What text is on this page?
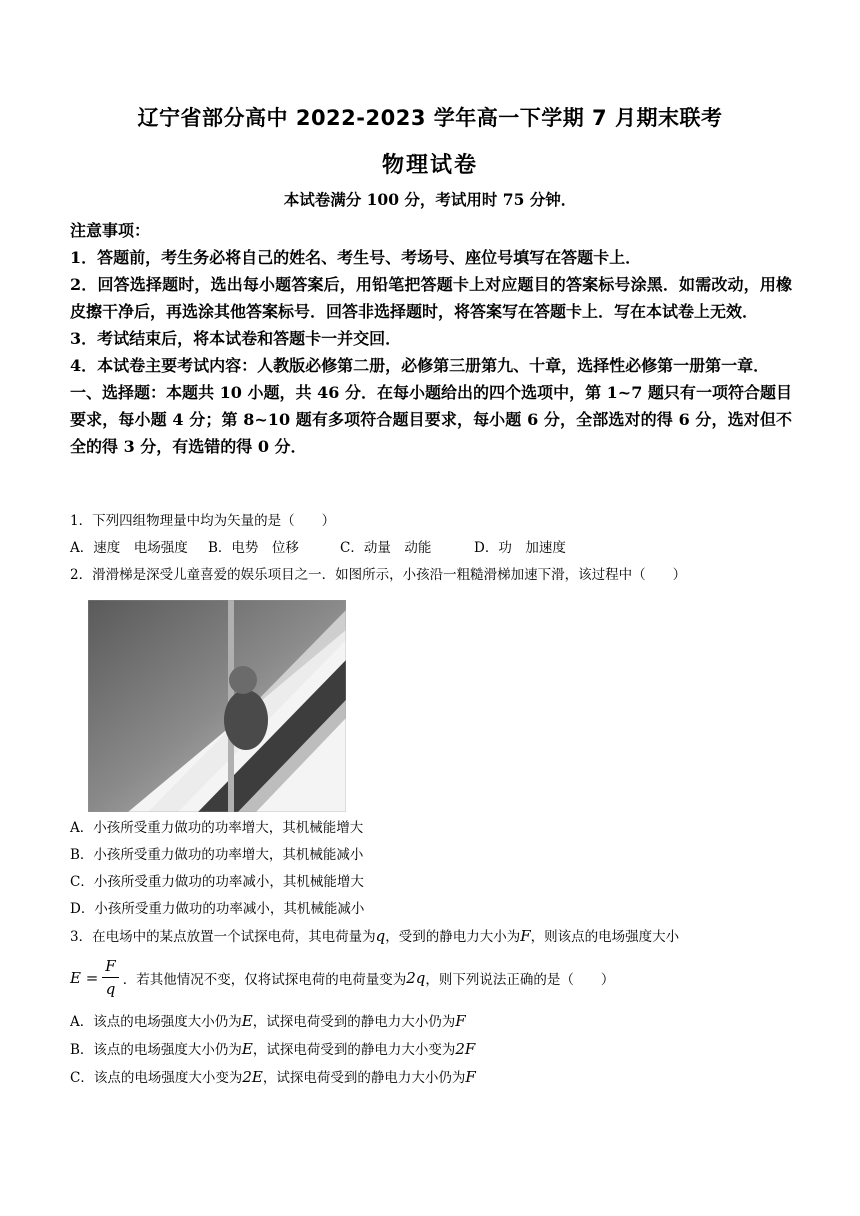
辽宁省部分高中 2022-2023 学年高一下学期 7 月期末联考
物理试卷
本试卷满分 100 分，考试用时 75 分钟．

注意事项：

1．答题前，考生务必将自己的姓名、考生号、考场号、座位号填写在答题卡上．

2．回答选择题时，选出每小题答案后，用铅笔把答题卡上对应题目的答案标号涂黑．如需改动，用橡皮擦干净后，再选涂其他答案标号．回答非选择题时，将答案写在答题卡上．写在本试卷上无效．

3．考试结束后，将本试卷和答题卡一并交回．

4．本试卷主要考试内容：人教版必修第二册，必修第三册第九、十章，选择性必修第一册第一章．

一、选择题：本题共 10 小题，共 46 分．在每小题给出的四个选项中，第 1~7 题只有一项符合题目要求，每小题 4 分；第 8~10 题有多项符合题目要求，每小题 6 分，全部选对的得 6 分，选对但不全的得 3 分，有选错的得 0 分．

1．下列四组物理量中均为矢量的是（　　）

A．速度　电场强度 B．电势　位移	C．动量　动能	D．功　加速度

2．滑滑梯是深受儿童喜爱的娱乐项目之一．如图所示，小孩沿一粗糙滑梯加速下滑，该过程中（　　）

A．小孩所受重力做功的功率增大，其机械能增大

B．小孩所受重力做功的功率增大，其机械能减小

C．小孩所受重力做功的功率减小，其机械能增大

D．小孩所受重力做功的功率减小，其机械能减小

3．在电场中的某点放置一个试探电荷，其电荷量为q，受到的静电力大小为F，则该点的电场强度大小

$E = \frac{F}{q}$ ．若其他情况不变，仅将试探电荷的电荷量变为 2q ，则下列说法正确的是（　　）

A．该点的电场强度大小仍为E，试探电荷受到的静电力大小仍为F

B．该点的电场强度大小仍为E，试探电荷受到的静电力大小变为2F

C．该点的电场强度大小变为2E，试探电荷受到的静电力大小仍为F
